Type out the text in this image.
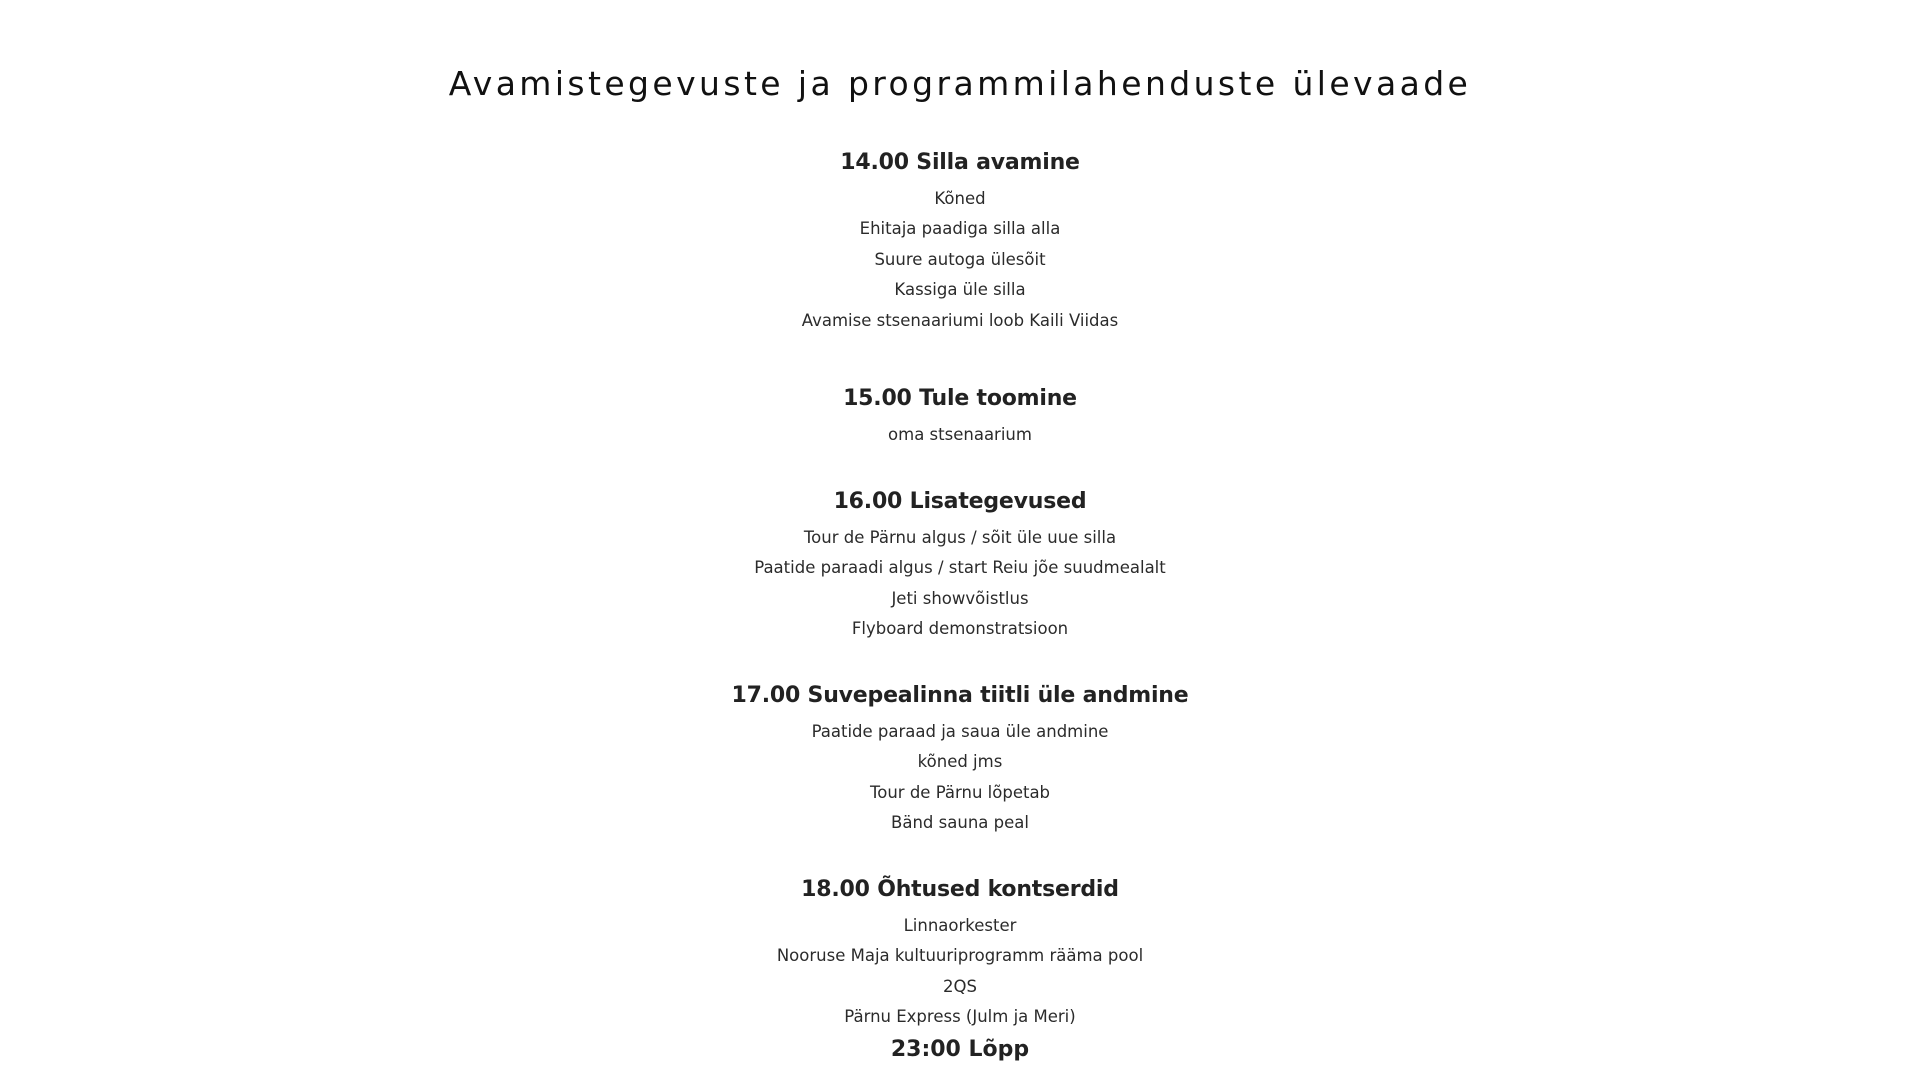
Avamistegevuste ja programmilahenduste ülevaade
14.00 Silla avamine
Kõned
Ehitaja paadiga silla alla
Suure autoga ülesõit
Kassiga üle silla
Avamise stsenaariumi loob Kaili Viidas
15.00 Tule toomine
oma stsenaarium
16.00 Lisategevused
Tour de Pärnu algus / sõit üle uue silla
Paatide paraadi algus / start Reiu jõe suudmealalt
Jeti showvõistlus
Flyboard demonstratsioon
17.00 Suvepealinna tiitli üle andmine
Paatide paraad ja saua üle andmine
kõned jms
Tour de Pärnu lõpetab
Bänd sauna peal
18.00 Õhtused kontserdid
Linnaorkester
Nooruse Maja kultuuriprogramm rääma pool
2QS
Pärnu Express (Julm ja Meri)
23:00 Lõpp
